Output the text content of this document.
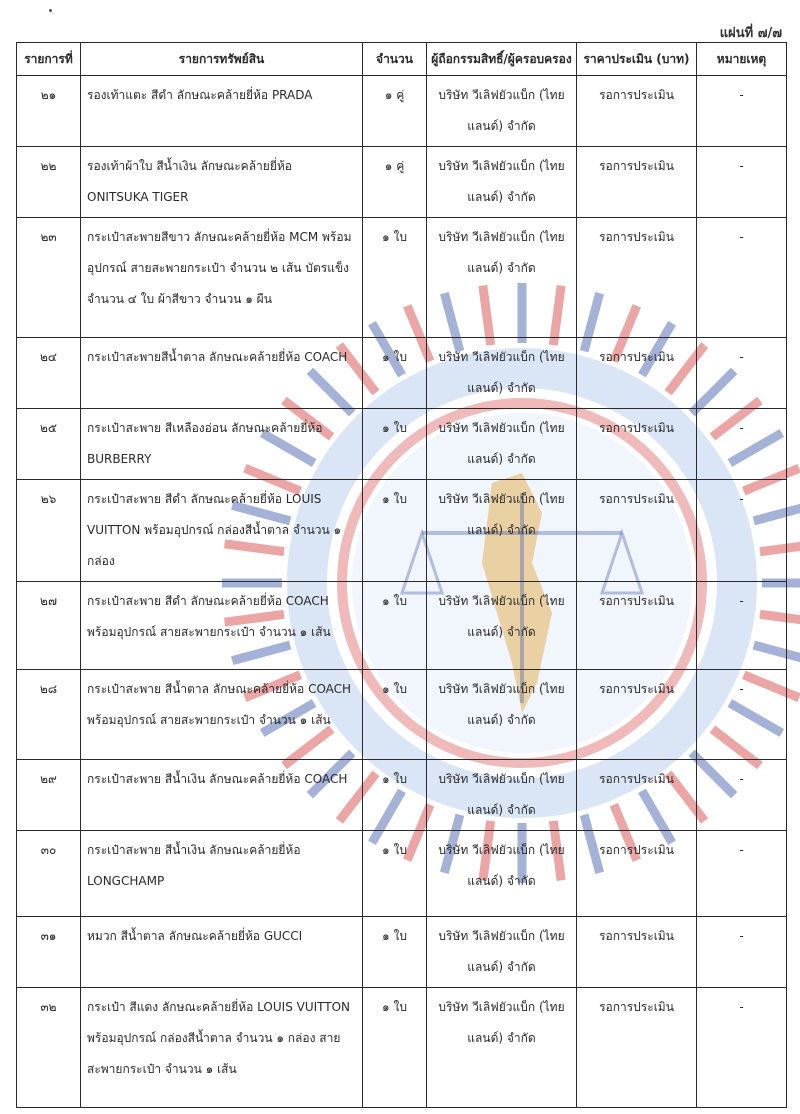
แผ่นที่ ๗/๗
รายการที่	รายการทรัพย์สิน	จำนวน	ผู้ถือกรรมสิทธิ์/ผู้ครอบครอง	ราคาประเมิน (บาท)	หมายเหตุ
๒๑	รองเท้าแตะ สีดำ ลักษณะคล้ายยี่ห้อ PRADA	๑ คู่	บริษัท วีเลิฟยัวแบ็ก (ไทยแลนด์) จำกัด	รอการประเมิน	-
๒๒	รองเท้าผ้าใบ สีน้ำเงิน ลักษณะคล้ายยี่ห้อ ONITSUKA TIGER	๑ คู่	บริษัท วีเลิฟยัวแบ็ก (ไทยแลนด์) จำกัด	รอการประเมิน	-
๒๓	กระเป๋าสะพายสีขาว ลักษณะคล้ายยี่ห้อ MCM พร้อมอุปกรณ์ สายสะพายกระเป๋า จำนวน ๒ เส้น บัตรแข็ง จำนวน ๔ ใบ ผ้าสีขาว จำนวน ๑ ผืน	๑ ใบ	บริษัท วีเลิฟยัวแบ็ก (ไทยแลนด์) จำกัด	รอการประเมิน	-
๒๔	กระเป๋าสะพายสีน้ำตาล ลักษณะคล้ายยี่ห้อ COACH	๑ ใบ	บริษัท วีเลิฟยัวแบ็ก (ไทยแลนด์) จำกัด	รอการประเมิน	-
๒๕	กระเป๋าสะพาย สีเหลืองอ่อน ลักษณะคล้ายยี่ห้อ BURBERRY	๑ ใบ	บริษัท วีเลิฟยัวแบ็ก (ไทยแลนด์) จำกัด	รอการประเมิน	-
๒๖	กระเป๋าสะพาย สีดำ ลักษณะคล้ายยี่ห้อ LOUIS VUITTON พร้อมอุปกรณ์ กล่องสีน้ำตาล จำนวน ๑ กล่อง	๑ ใบ	บริษัท วีเลิฟยัวแบ็ก (ไทยแลนด์) จำกัด	รอการประเมิน	-
๒๗	กระเป๋าสะพาย สีดำ ลักษณะคล้ายยี่ห้อ COACH พร้อมอุปกรณ์ สายสะพายกระเป๋า จำนวน ๑ เส้น	๑ ใบ	บริษัท วีเลิฟยัวแบ็ก (ไทยแลนด์) จำกัด	รอการประเมิน	-
๒๘	กระเป๋าสะพาย สีน้ำตาล ลักษณะคล้ายยี่ห้อ COACH พร้อมอุปกรณ์ สายสะพายกระเป๋า จำนวน ๑ เส้น	๑ ใบ	บริษัท วีเลิฟยัวแบ็ก (ไทยแลนด์) จำกัด	รอการประเมิน	-
๒๙	กระเป๋าสะพาย สีน้ำเงิน ลักษณะคล้ายยี่ห้อ COACH	๑ ใบ	บริษัท วีเลิฟยัวแบ็ก (ไทยแลนด์) จำกัด	รอการประเมิน	-
๓๐	กระเป๋าสะพาย สีน้ำเงิน ลักษณะคล้ายยี่ห้อ LONGCHAMP	๑ ใบ	บริษัท วีเลิฟยัวแบ็ก (ไทยแลนด์) จำกัด	รอการประเมิน	-
๓๑	หมวก สีน้ำตาล ลักษณะคล้ายยี่ห้อ GUCCI	๑ ใบ	บริษัท วีเลิฟยัวแบ็ก (ไทยแลนด์) จำกัด	รอการประเมิน	-
๓๒	กระเป๋า สีแดง ลักษณะคล้ายยี่ห้อ LOUIS VUITTON พร้อมอุปกรณ์ กล่องสีน้ำตาล จำนวน ๑ กล่อง สายสะพายกระเป๋า จำนวน ๑ เส้น	๑ ใบ	บริษัท วีเลิฟยัวแบ็ก (ไทยแลนด์) จำกัด	รอการประเมิน	-
